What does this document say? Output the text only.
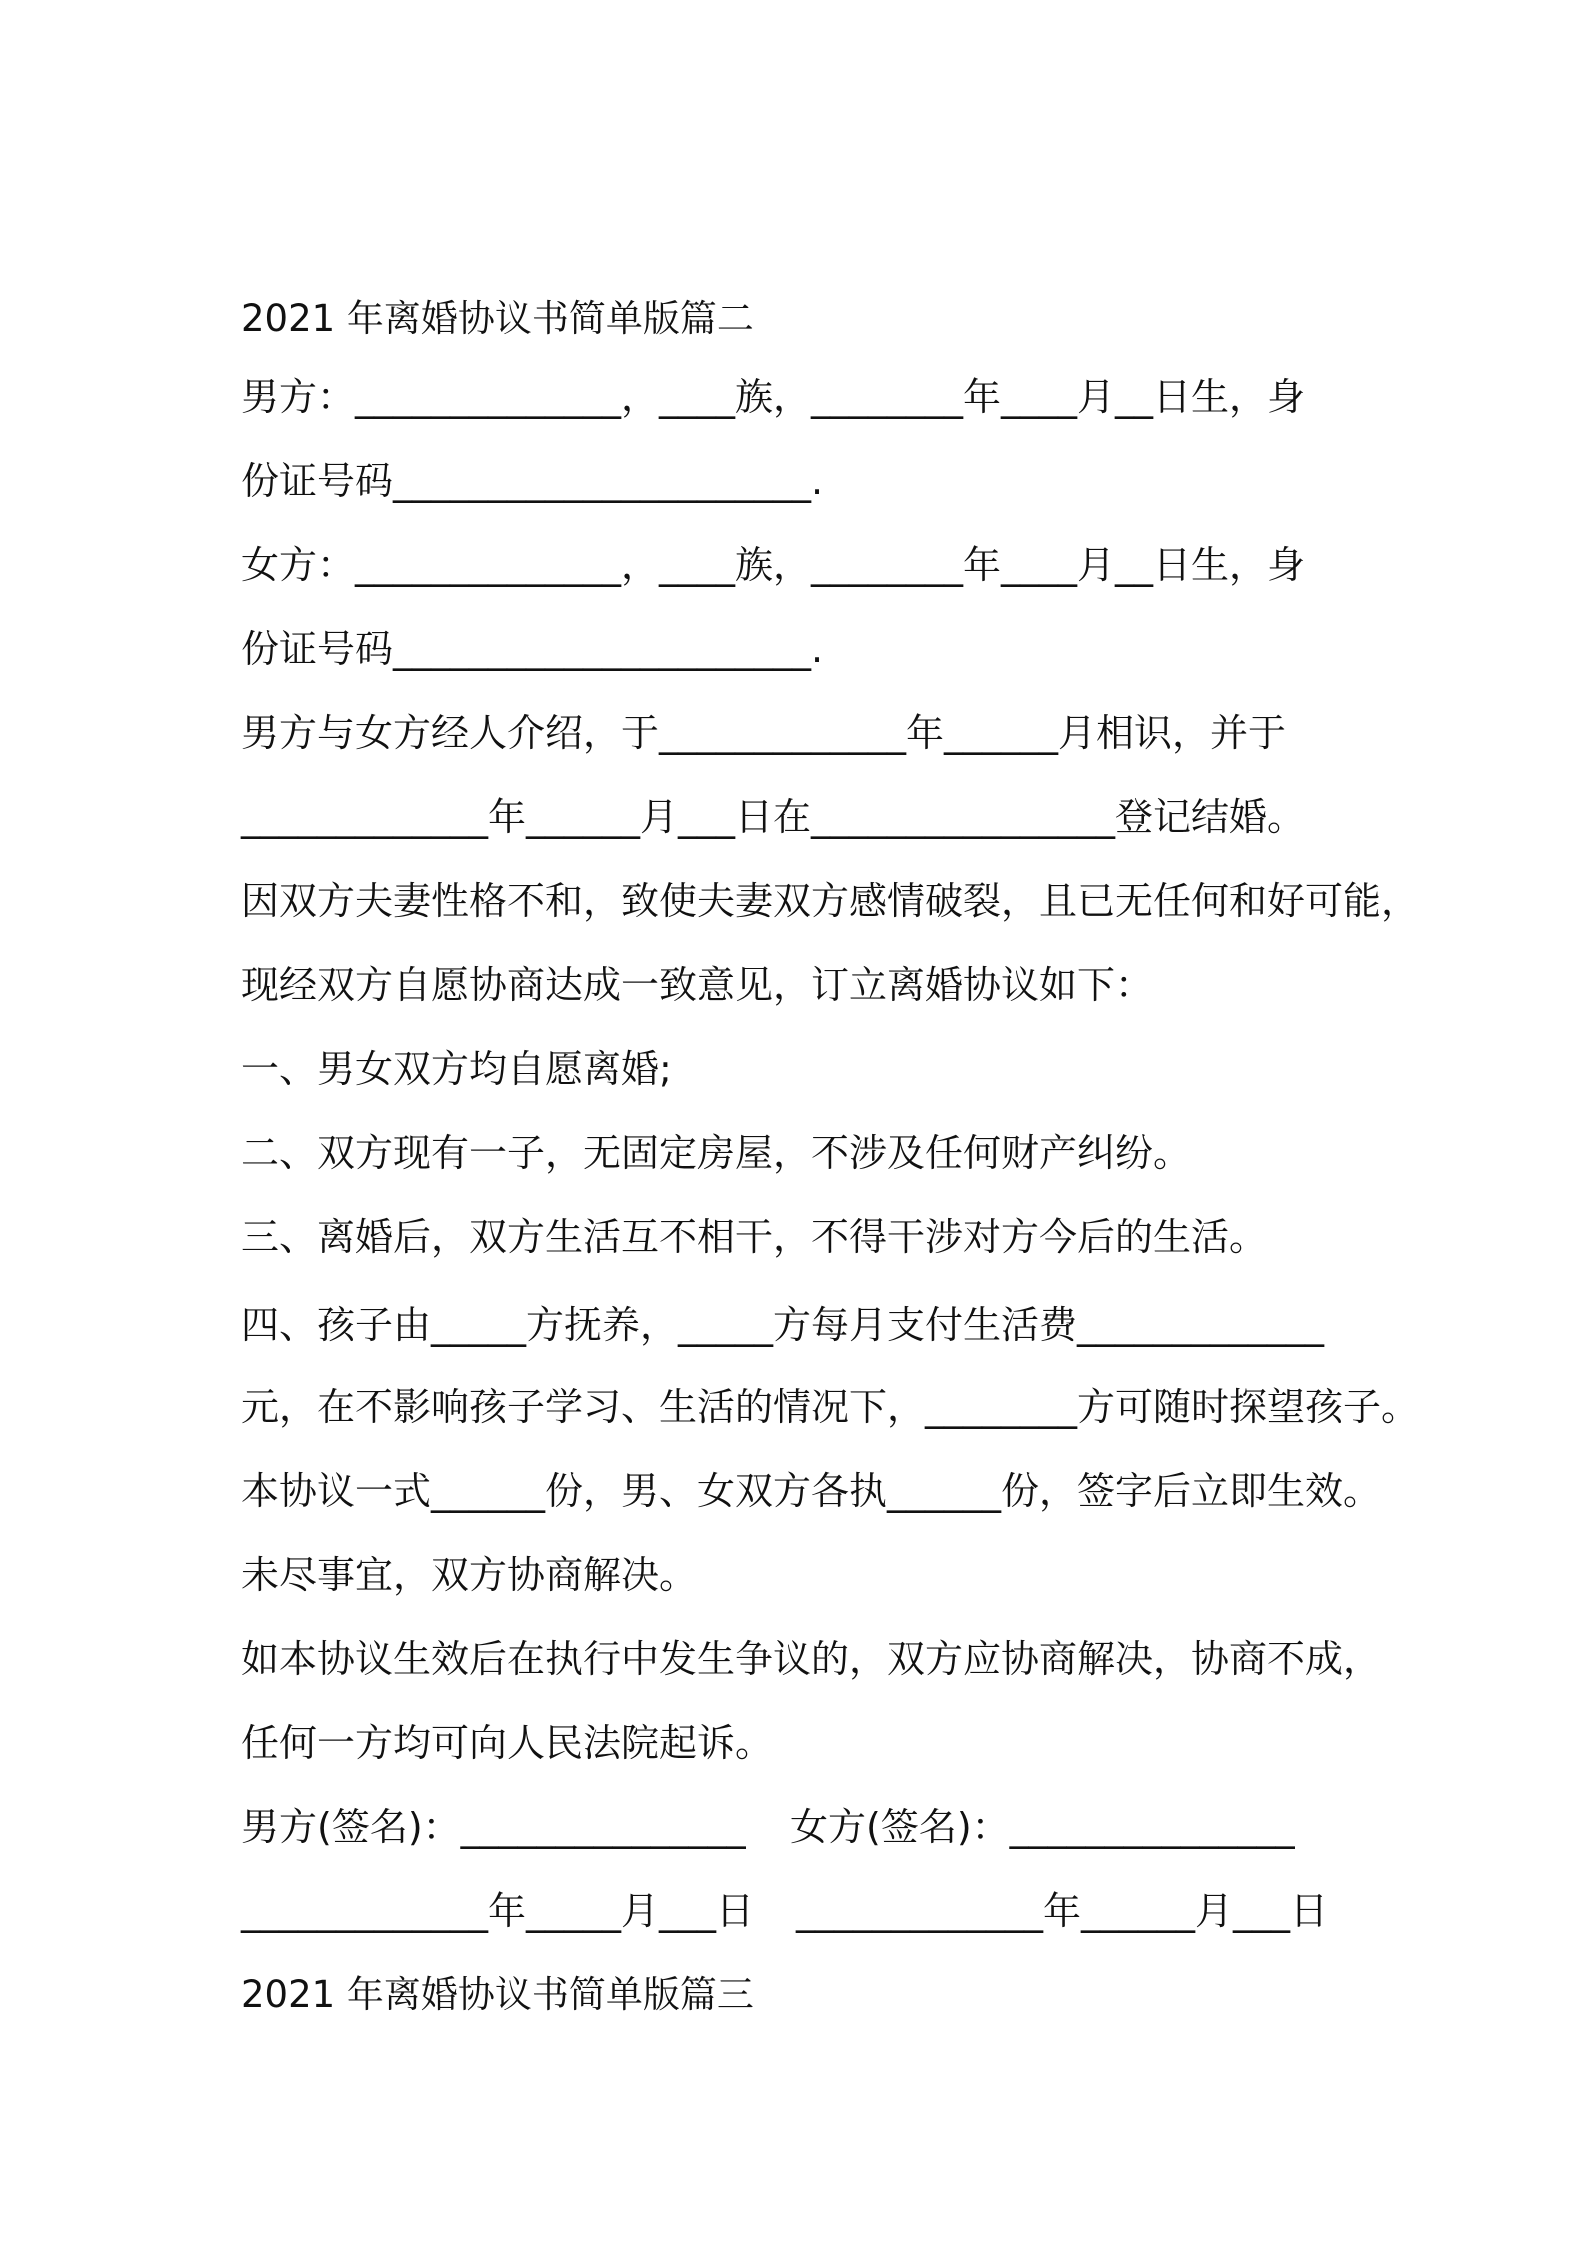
2021 年离婚协议书简单版篇二

男方：______________，____族，________年____月__日生，身

份证号码______________________.

女方：______________，____族，________年____月__日生，身

份证号码______________________.

男方与女方经人介绍，于_____________年______月相识，并于

_____________年______月___日在________________登记结婚。

因双方夫妻性格不和，致使夫妻双方感情破裂，且已无任何和好可能，

现经双方自愿协商达成一致意见，订立离婚协议如下：

一、男女双方均自愿离婚;

二、双方现有一子，无固定房屋，不涉及任何财产纠纷。

三、离婚后，双方生活互不相干，不得干涉对方今后的生活。

四、孩子由_____方抚养，_____方每月支付生活费_____________

元，在不影响孩子学习、生活的情况下，________方可随时探望孩子。

本协议一式______份，男、女双方各执______份，签字后立即生效。

未尽事宜，双方协商解决。

如本协议生效后在执行中发生争议的，双方应协商解决，协商不成，

任何一方均可向人民法院起诉。

男方(签名)：_______________ 女方(签名)：_______________

_____________年_____月___日 _____________年______月___日

2021 年离婚协议书简单版篇三
